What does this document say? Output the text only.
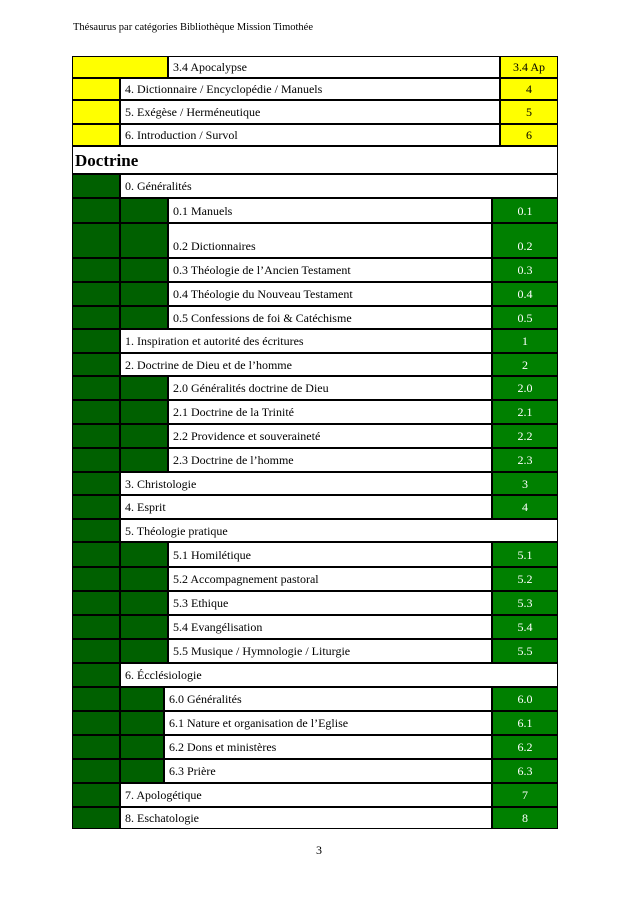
Thésaurus par catégories Bibliothèque Mission Timothée
3.4 Apocalypse	3.4 Ap
4. Dictionnaire / Encyclopédie / Manuels	4
5. Exégèse / Herméneutique	5
6. Introduction / Survol	6
Doctrine
0. Généralités
0.1 Manuels	0.1
0.2 Dictionnaires	0.2
0.3 Théologie de l’Ancien Testament	0.3
0.4 Théologie du Nouveau Testament	0.4
0.5 Confessions de foi & Catéchisme	0.5
1. Inspiration et autorité des écritures	1
2. Doctrine de Dieu et de l’homme	2
2.0 Généralités doctrine de Dieu	2.0
2.1 Doctrine de la Trinité	2.1
2.2 Providence et souveraineté	2.2
2.3 Doctrine de l’homme	2.3
3. Christologie	3
4. Esprit	4
5. Théologie pratique
5.1 Homilétique	5.1
5.2 Accompagnement pastoral	5.2
5.3 Ethique	5.3
5.4 Evangélisation	5.4
5.5 Musique / Hymnologie / Liturgie	5.5
6. Écclésiologie
6.0 Généralités	6.0
6.1 Nature et organisation de l’Eglise	6.1
6.2 Dons et ministères	6.2
6.3 Prière	6.3
7. Apologétique	7
8. Eschatologie	8
3
